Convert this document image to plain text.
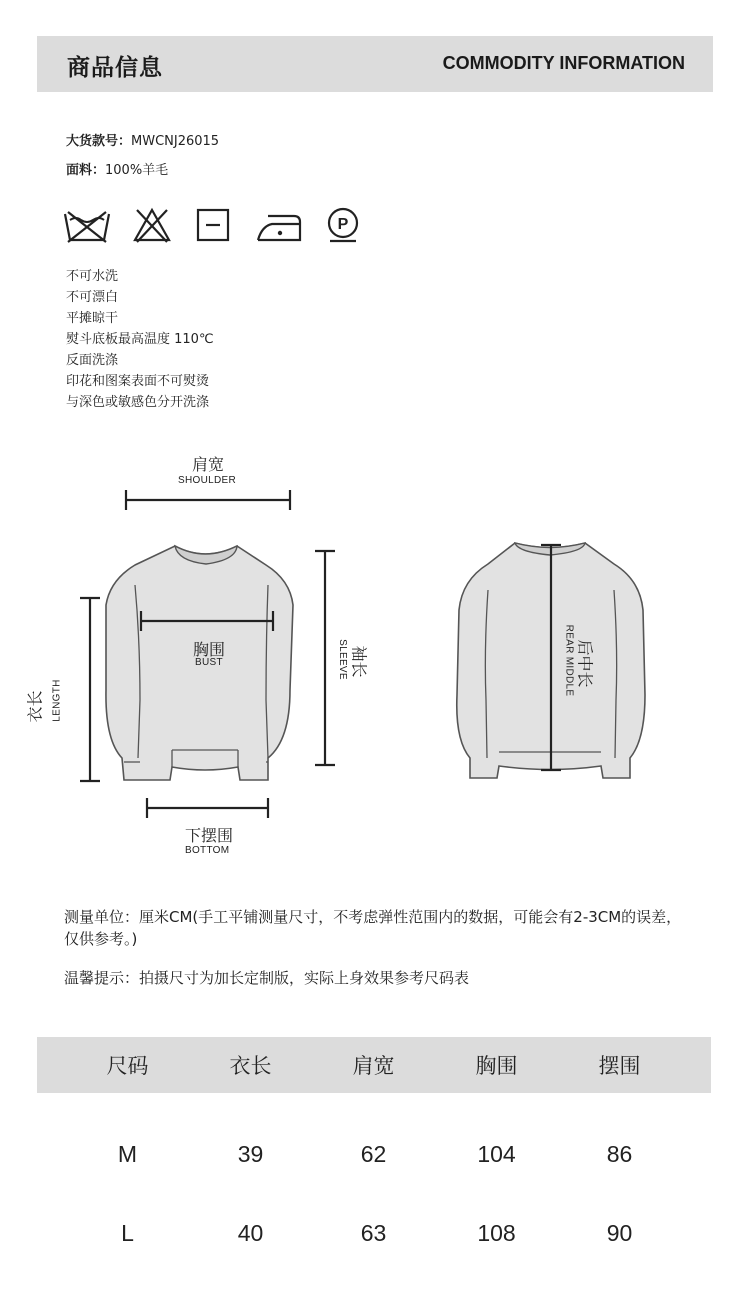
商品信息	COMMODITY INFORMATION
大货款号：MWCNJ26015
面料：100%羊毛
P
不可水洗
不可漂白
平摊晾干
熨斗底板最高温度 110℃
反面洗涤
印花和图案表面不可熨烫
与深色或敏感色分开洗涤
肩宽
SHOULDER
胸围
BUST
衣长 LENGTH
袖长
SLEEVE
下摆围
BOTTOM
后中长
REAR MIDDLE
测量单位：厘米CM(手工平铺测量尺寸，不考虑弹性范围内的数据，可能会有2-3CM的误差，仅供参考。)
温馨提示：拍摄尺寸为加长定制版，实际上身效果参考尺码表
尺码	衣长	肩宽	胸围	摆围
M	39	62	104	86
L	40	63	108	90
